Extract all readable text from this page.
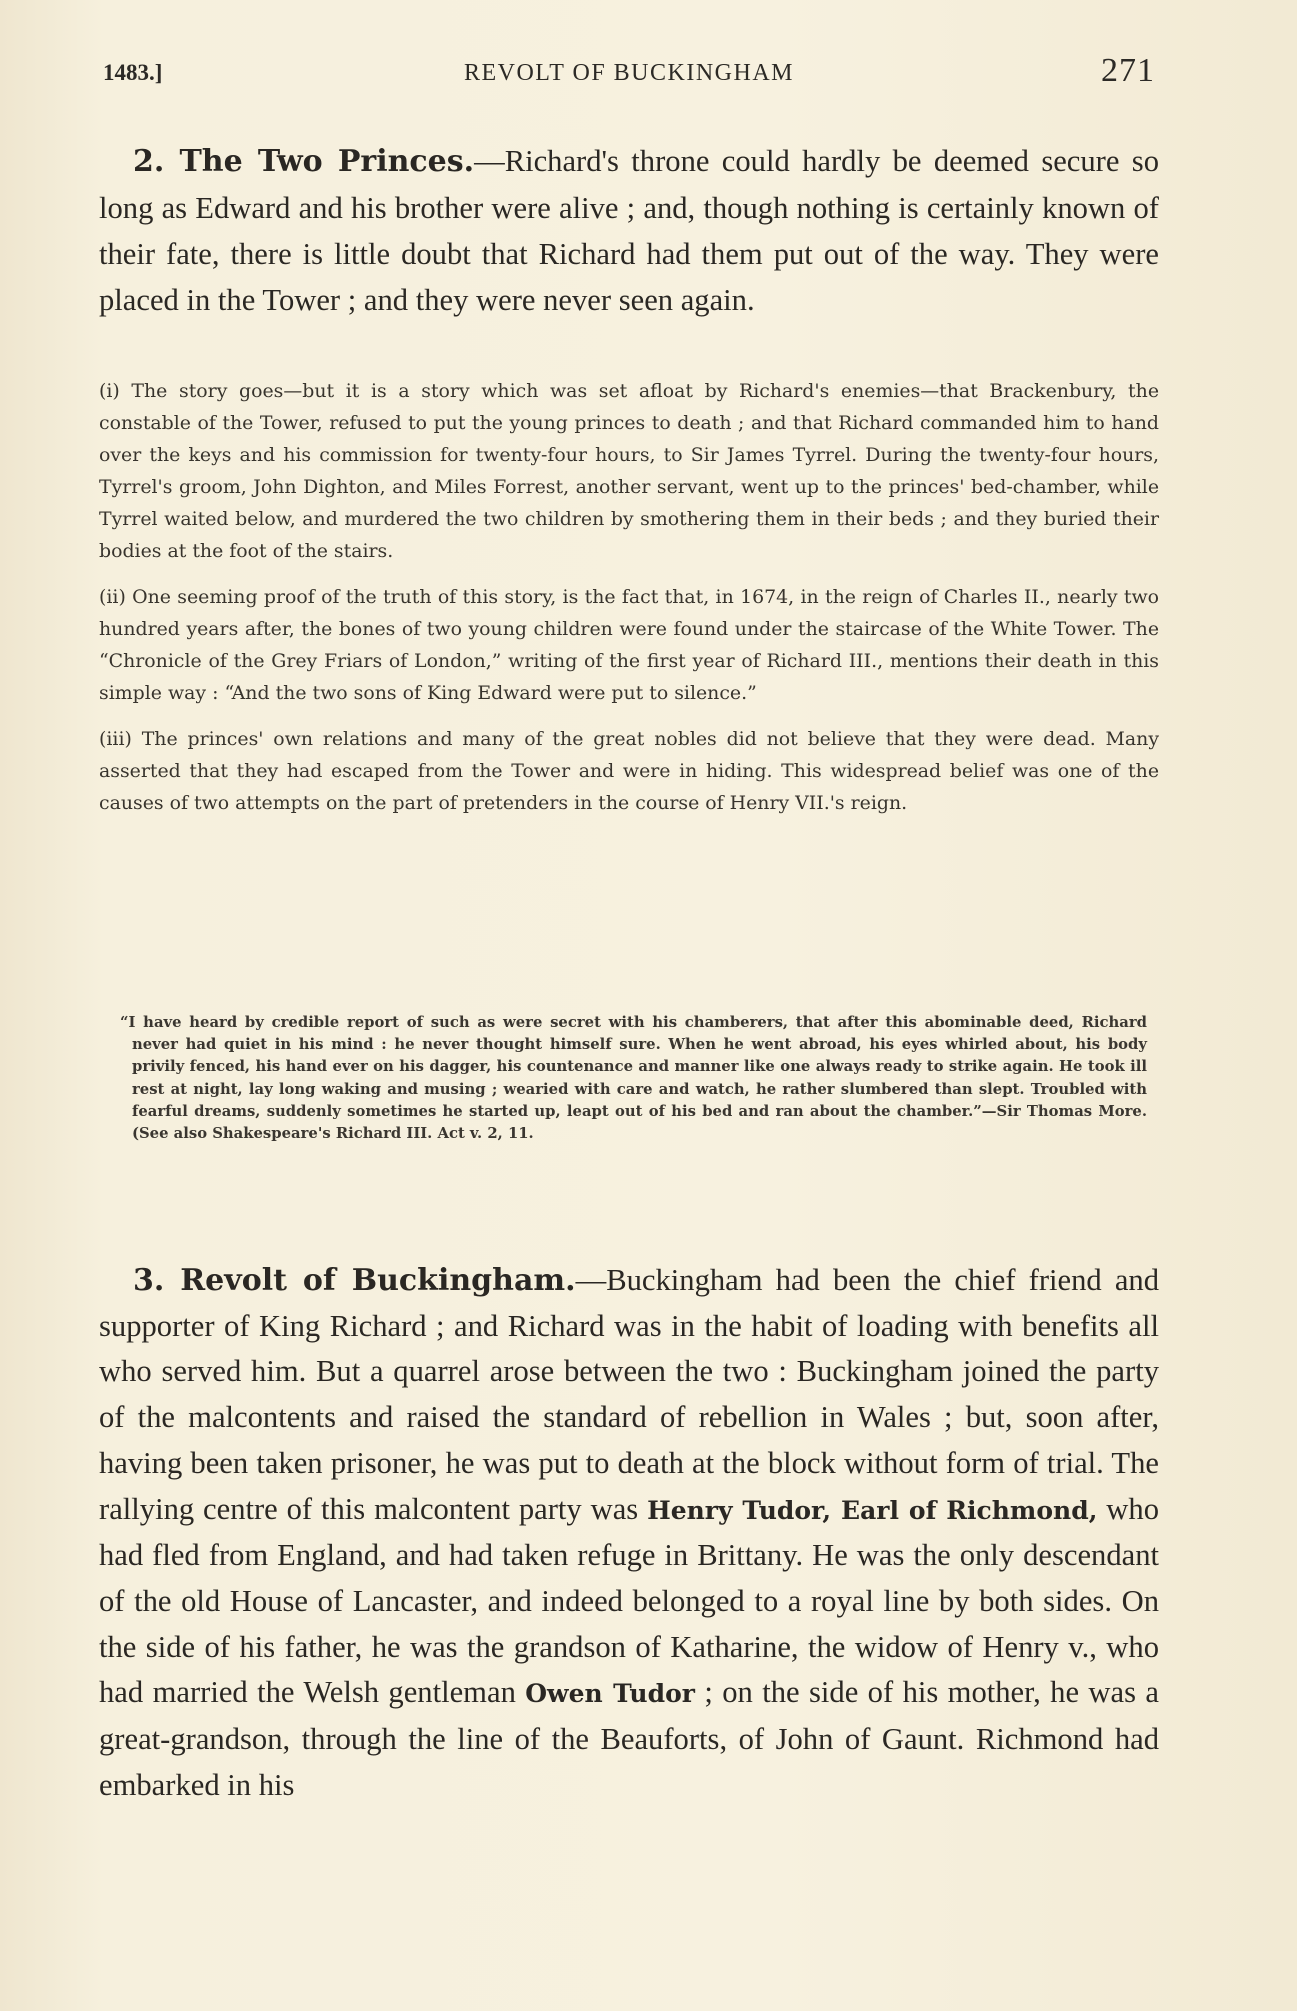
1483.]	REVOLT OF BUCKINGHAM	271

2. The Two Princes.—Richard's throne could hardly be deemed secure so long as Edward and his brother were alive ; and, though nothing is certainly known of their fate, there is little doubt that Richard had them put out of the way. They were placed in the Tower ; and they were never seen again.

(i) The story goes—but it is a story which was set afloat by Richard's enemies—that Brackenbury, the constable of the Tower, refused to put the young princes to death ; and that Richard commanded him to hand over the keys and his commission for twenty-four hours, to Sir James Tyrrel. During the twenty-four hours, Tyrrel's groom, John Dighton, and Miles Forrest, another servant, went up to the princes' bed-chamber, while Tyrrel waited below, and murdered the two children by smothering them in their beds ; and they buried their bodies at the foot of the stairs.

(ii) One seeming proof of the truth of this story, is the fact that, in 1674, in the reign of Charles II., nearly two hundred years after, the bones of two young children were found under the staircase of the White Tower. The “Chronicle of the Grey Friars of London,” writing of the first year of Richard III., mentions their death in this simple way : “And the two sons of King Edward were put to silence.”

(iii) The princes' own relations and many of the great nobles did not believe that they were dead. Many asserted that they had escaped from the Tower and were in hiding. This widespread belief was one of the causes of two attempts on the part of pretenders in the course of Henry VII.'s reign.

“I have heard by credible report of such as were secret with his chamberers, that after this abominable deed, Richard never had quiet in his mind : he never thought himself sure. When he went abroad, his eyes whirled about, his body privily fenced, his hand ever on his dagger, his countenance and manner like one always ready to strike again. He took ill rest at night, lay long waking and musing ; wearied with care and watch, he rather slumbered than slept. Troubled with fearful dreams, suddenly sometimes he started up, leapt out of his bed and ran about the chamber.”—Sir Thomas More. (See also Shakespeare's Richard III. Act v. 2, 11.

3. Revolt of Buckingham.—Buckingham had been the chief friend and supporter of King Richard ; and Richard was in the habit of loading with benefits all who served him. But a quarrel arose between the two : Buckingham joined the party of the malcontents and raised the standard of rebellion in Wales ; but, soon after, having been taken prisoner, he was put to death at the block without form of trial. The rallying centre of this malcontent party was Henry Tudor, Earl of Richmond, who had fled from England, and had taken refuge in Brittany. He was the only descendant of the old House of Lancaster, and indeed belonged to a royal line by both sides. On the side of his father, he was the grandson of Katharine, the widow of Henry v., who had married the Welsh gentleman Owen Tudor ; on the side of his mother, he was a great-grandson, through the line of the Beauforts, of John of Gaunt. Richmond had embarked in his
